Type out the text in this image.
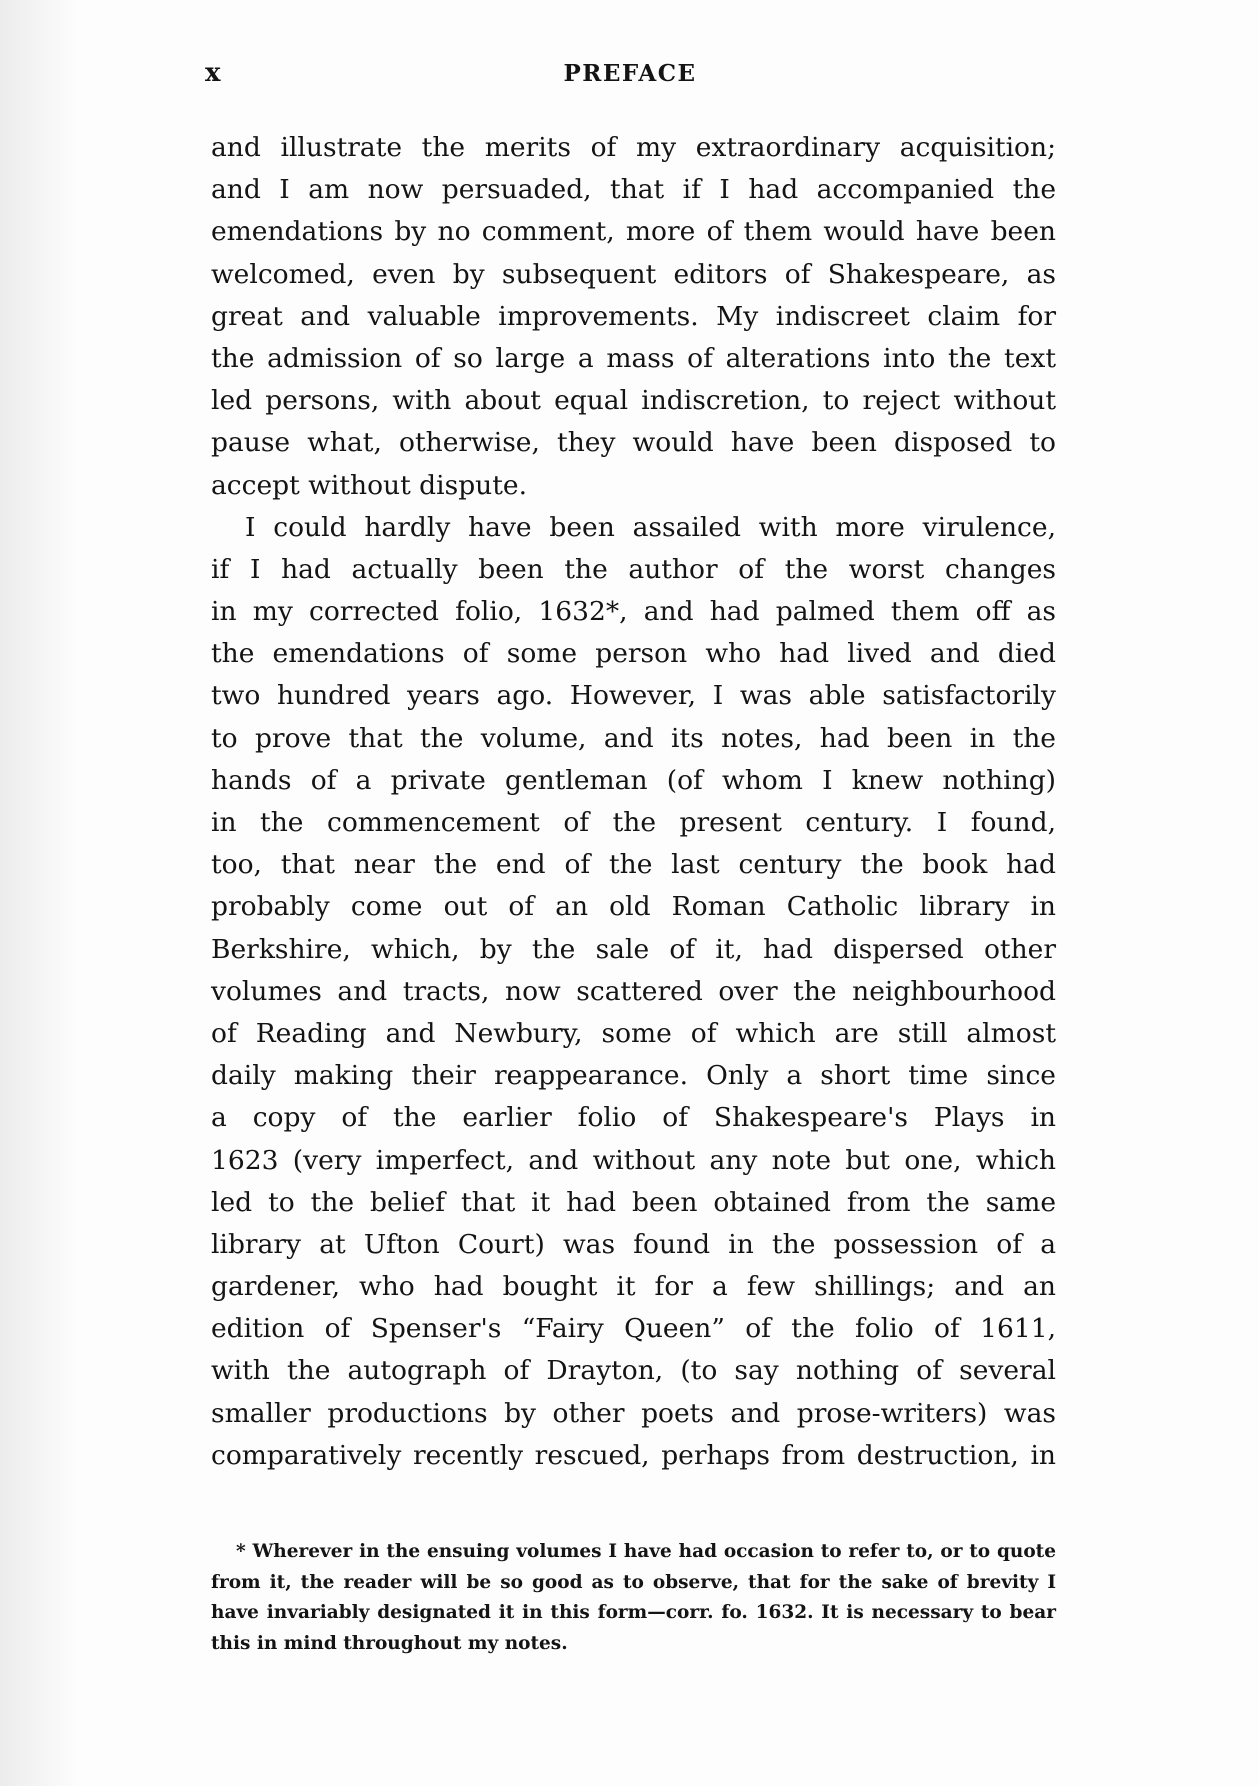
x	PREFACE
and illustrate the merits of my extraordinary acquisition;
and I am now persuaded, that if I had accompanied the
emendations by no comment, more of them would have been
welcomed, even by subsequent editors of Shakespeare, as
great and valuable improvements. My indiscreet claim for
the admission of so large a mass of alterations into the text
led persons, with about equal indiscretion, to reject without
pause what, otherwise, they would have been disposed to
accept without dispute.
I could hardly have been assailed with more virulence,
if I had actually been the author of the worst changes
in my corrected folio, 1632*, and had palmed them off as
the emendations of some person who had lived and died
two hundred years ago. However, I was able satisfactorily
to prove that the volume, and its notes, had been in the
hands of a private gentleman (of whom I knew nothing)
in the commencement of the present century. I found,
too, that near the end of the last century the book had
probably come out of an old Roman Catholic library in
Berkshire, which, by the sale of it, had dispersed other
volumes and tracts, now scattered over the neighbourhood
of Reading and Newbury, some of which are still almost
daily making their reappearance. Only a short time since
a copy of the earlier folio of Shakespeare's Plays in
1623 (very imperfect, and without any note but one, which
led to the belief that it had been obtained from the same
library at Ufton Court) was found in the possession of a
gardener, who had bought it for a few shillings; and an
edition of Spenser's “Fairy Queen” of the folio of 1611,
with the autograph of Drayton, (to say nothing of several
smaller productions by other poets and prose-writers) was
comparatively recently rescued, perhaps from destruction, in
* Wherever in the ensuing volumes I have had occasion to refer to, or to quote
from it, the reader will be so good as to observe, that for the sake of brevity I
have invariably designated it in this form—corr. fo. 1632. It is necessary to bear
this in mind throughout my notes.
